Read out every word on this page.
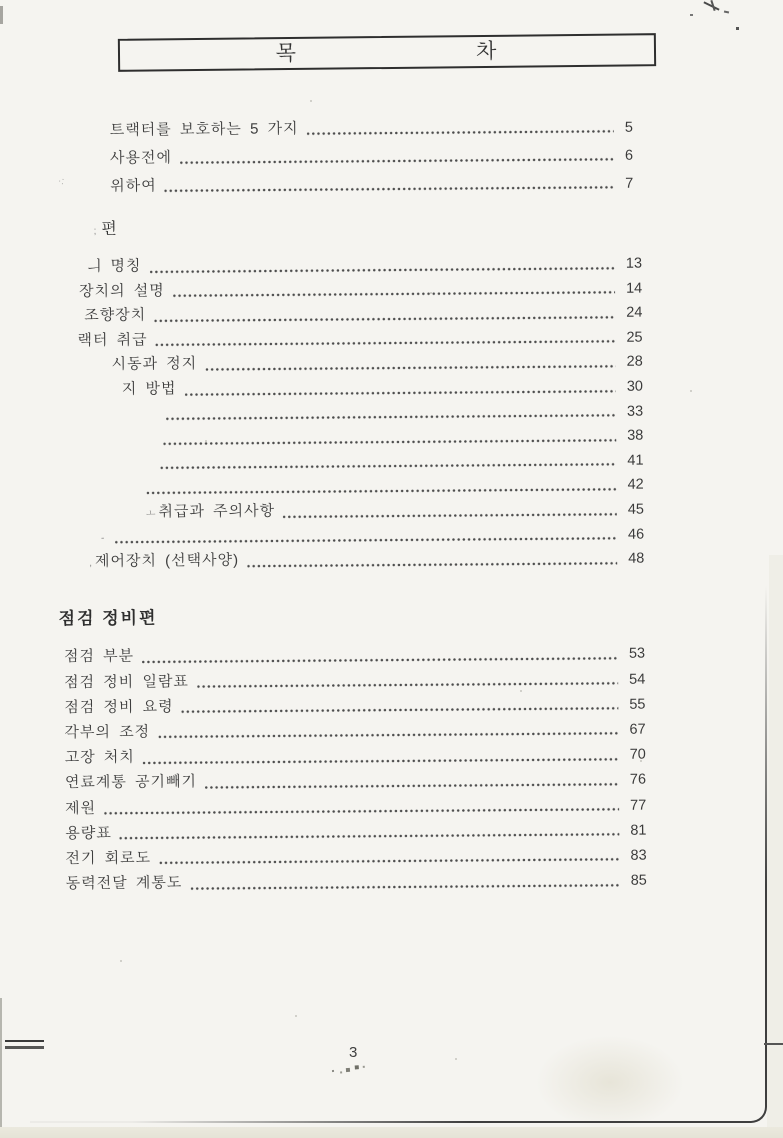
목	차
·:
트랙터를 보호하는 5 가지	5
사용전에	6
위하여	7
; 편
ㅢ 명칭	13
장치의 설명	14
조향장치	24
랙터 취급	25
시동과 정지	28
지 방법	30
33
38
41
42
ㅗ 취급과 주의사항	45
-	46
, 제어장치 (선택사양)	48
점검 정비편
점검 부분	53
점검 정비 일람표	54
점검 정비 요령	55
각부의 조정	67
고장 처치	70
연료계통 공기빼기	76
제원	77
용량표	81
전기 회로도	83
동력전달 계통도	85
3
